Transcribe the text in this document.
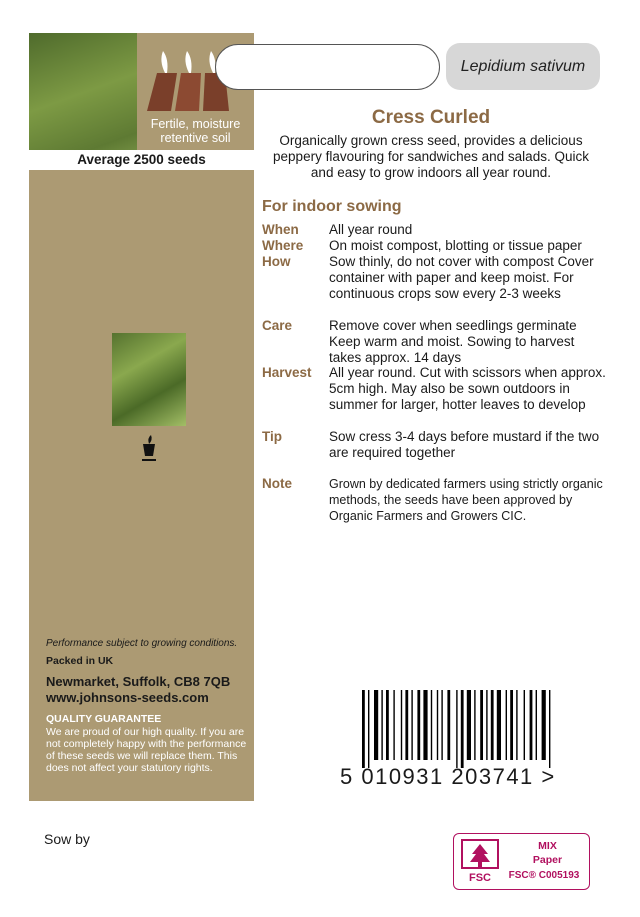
Fertile, moisture retentive soil
Average 2500 seeds
Performance subject to growing conditions.
Packed in UK
Newmarket, Suffolk, CB8 7QB
www.johnsons-seeds.com
QUALITY GUARANTEE
We are proud of our high quality. If you are not completely happy with the performance of these seeds we will replace them. This does not affect your statutory rights.
Lepidium sativum
Cress Curled
Organically grown cress seed, provides a delicious peppery flavouring for sandwiches and salads. Quick and easy to grow indoors all year round.
For indoor sowing
When All year round
Where On moist compost, blotting or tissue paper
How	Sow thinly, do not cover with compost Cover container with paper and keep moist. For continuous crops sow every 2-3 weeks
Care	Remove cover when seedlings germinate Keep warm and moist. Sowing to harvest takes approx. 14 days
Harvest All year round. Cut with scissors when approx. 5cm high. May also be sown outdoors in summer for larger, hotter leaves to develop
Tip	Sow cress 3-4 days before mustard if the two are required together
Note	Grown by dedicated farmers using strictly organic methods, the seeds have been approved by Organic Farmers and Growers CIC.
5 010931 203741 >
Sow by
FSC
MIX
Paper
FSC® C005193
